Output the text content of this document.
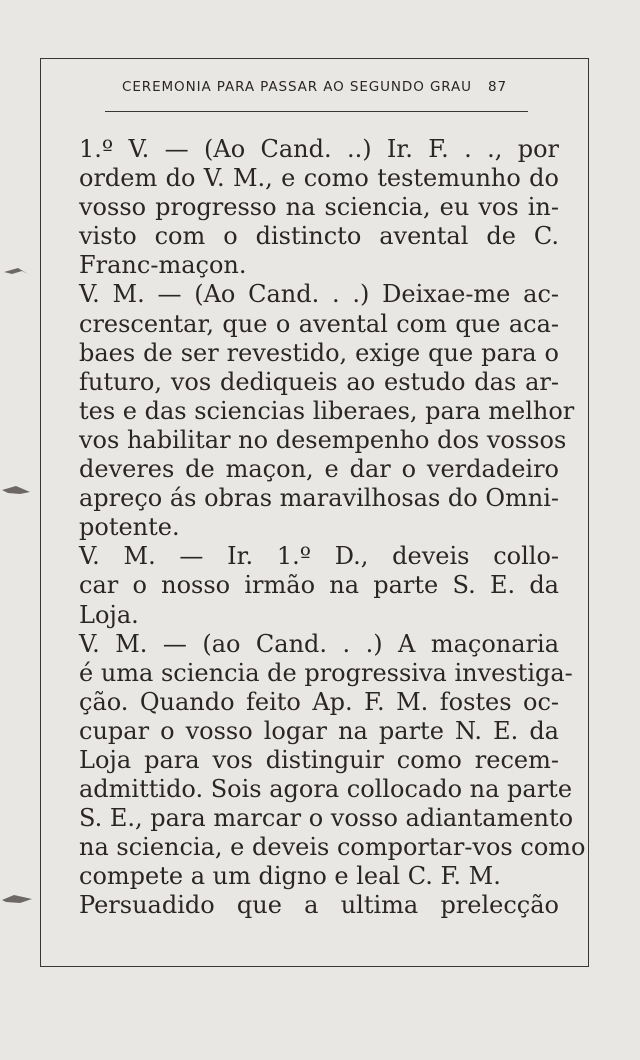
CEREMONIA PARA PASSAR AO SEGUNDO GRAU 87
1.º V. — (Ao Cand. ..) Ir. F. . ., por
ordem do V. M., e como testemunho do
vosso progresso na sciencia, eu vos in-
visto com o distincto avental de C.
Franc-maçon.
V. M. — (Ao Cand. . .) Deixae-me ac-
crescentar, que o avental com que aca-
baes de ser revestido, exige que para o
futuro, vos dediqueis ao estudo das ar-
tes e das sciencias liberaes, para melhor
vos habilitar no desempenho dos vossos
deveres de maçon, e dar o verdadeiro
apreço ás obras maravilhosas do Omni-
potente.
V. M. — Ir. 1.º D., deveis collo-
car o nosso irmão na parte S. E. da
Loja.
V. M. — (ao Cand. . .) A maçonaria
é uma sciencia de progressiva investiga-
ção. Quando feito Ap. F. M. fostes oc-
cupar o vosso logar na parte N. E. da
Loja para vos distinguir como recem-
admittido. Sois agora collocado na parte
S. E., para marcar o vosso adiantamento
na sciencia, e deveis comportar-vos como
compete a um digno e leal C. F. M.
Persuadido que a ultima prelecção
